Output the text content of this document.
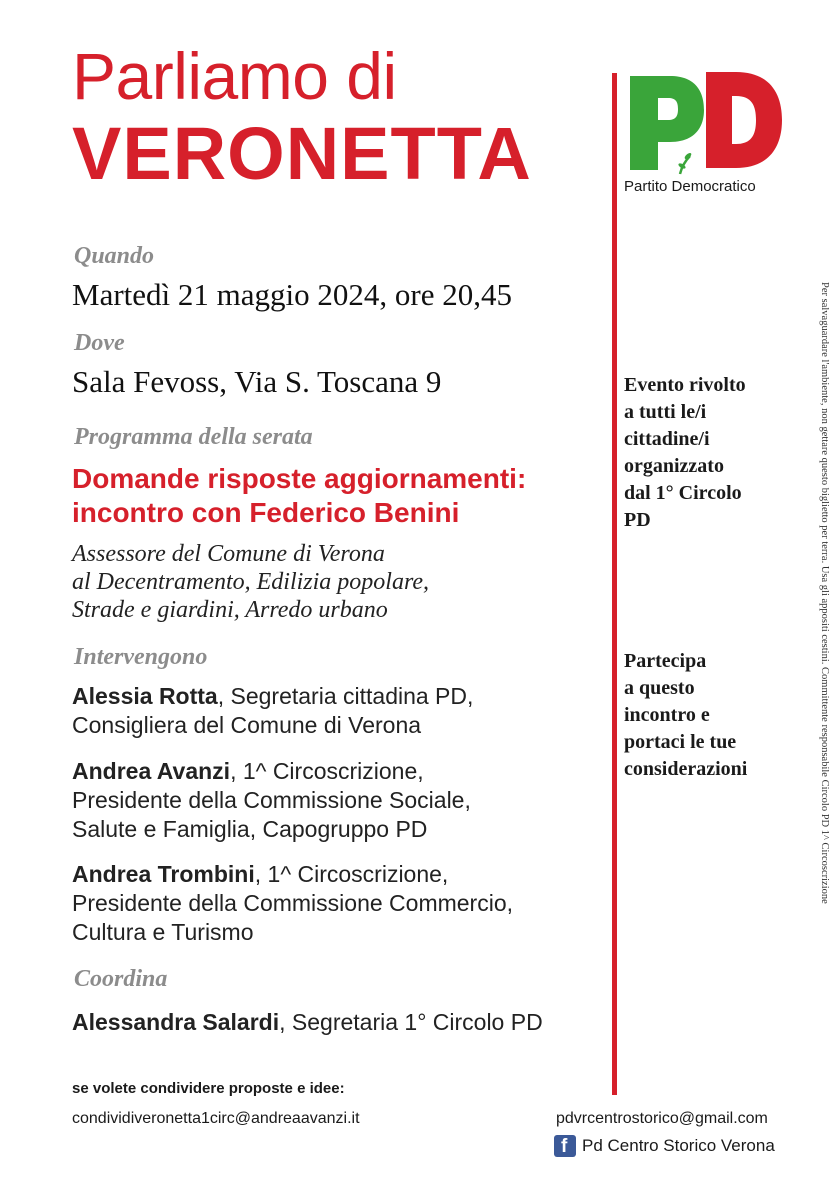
Parliamo di
VERONETTA	Partito Democratico
Quando
Martedì 21 maggio 2024, ore 20,45
Dove
Sala Fevoss, Via S. Toscana 9
Programma della serata
Domande risposte aggiornamenti:
incontro con Federico Benini
Assessore del Comune di Verona
al Decentramento, Edilizia popolare,
Strade e giardini, Arredo urbano
Intervengono
Alessia Rotta, Segretaria cittadina PD,
Consigliera del Comune di Verona
Andrea Avanzi, 1^ Circoscrizione,
Presidente della Commissione Sociale,
Salute e Famiglia, Capogruppo PD
Andrea Trombini, 1^ Circoscrizione,
Presidente della Commissione Commercio,
Cultura e Turismo
Coordina
Alessandra Salardi, Segretaria 1° Circolo PD
Evento rivolto
a tutti le/i
cittadine/i
organizzato
dal 1° Circolo
PD
Partecipa
a questo
incontro e
portaci le tue
considerazioni	Per salvaguardare l'ambiente, non gettare questo biglietto per terra. Usa gli appositi cestini. Committente responsabile Circolo PD 1^ Circoscrizione
se volete condividere proposte e idee:
condividiveronetta1circ@andreaavanzi.it	pdvrcentrostorico@gmail.com
f
Pd Centro Storico Verona
